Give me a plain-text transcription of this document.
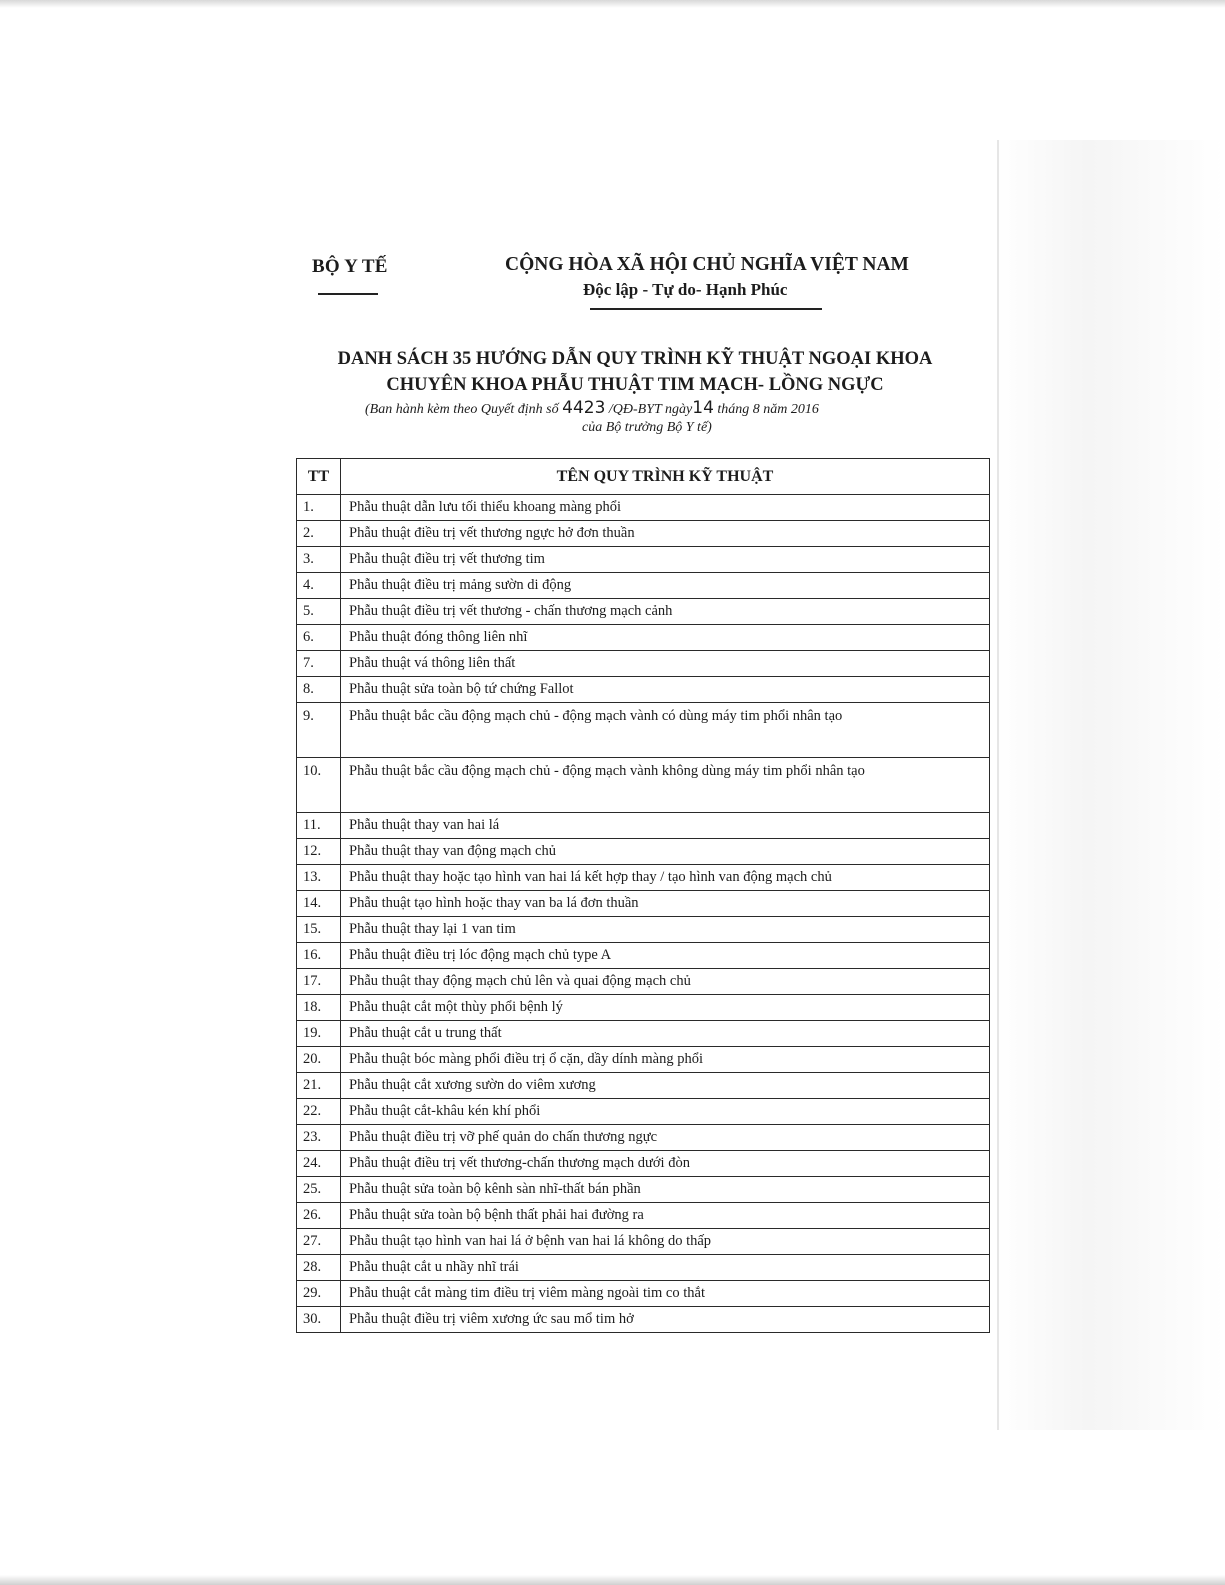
BỘ Y TẾ	CỘNG HÒA XÃ HỘI CHỦ NGHĨA VIỆT NAM
Độc lập - Tự do- Hạnh Phúc
DANH SÁCH 35 HƯỚNG DẪN QUY TRÌNH KỸ THUẬT NGOẠI KHOA
CHUYÊN KHOA PHẪU THUẬT TIM MẠCH- LỒNG NGỰC
(Ban hành kèm theo Quyết định số 4423 /QĐ-BYT ngày14 tháng 8 năm 2016
của Bộ trưởng Bộ Y tế)
TT	TÊN QUY TRÌNH KỸ THUẬT
1.	Phẫu thuật dẫn lưu tối thiểu khoang màng phổi
2.	Phẫu thuật điều trị vết thương ngực hở đơn thuần
3.	Phẫu thuật điều trị vết thương tim
4.	Phẫu thuật điều trị mảng sườn di động
5.	Phẫu thuật điều trị vết thương - chấn thương mạch cảnh
6.	Phẫu thuật đóng thông liên nhĩ
7.	Phẫu thuật vá thông liên thất
8.	Phẫu thuật sửa toàn bộ tứ chứng Fallot
9.	Phẫu thuật bắc cầu động mạch chủ - động mạch vành có dùng máy tim phổi nhân tạo
10.	Phẫu thuật bắc cầu động mạch chủ - động mạch vành không dùng máy tim phổi nhân tạo
11.	Phẫu thuật thay van hai lá
12.	Phẫu thuật thay van động mạch chủ
13.	Phẫu thuật thay hoặc tạo hình van hai lá kết hợp thay / tạo hình van động mạch chủ
14.	Phẫu thuật tạo hình hoặc thay van ba lá đơn thuần
15.	Phẫu thuật thay lại 1 van tim
16.	Phẫu thuật điều trị lóc động mạch chủ type A
17.	Phẫu thuật thay động mạch chủ lên và quai động mạch chủ
18.	Phẫu thuật cắt một thùy phổi bệnh lý
19.	Phẫu thuật cắt u trung thất
20.	Phẫu thuật bóc màng phổi điều trị ổ cặn, dầy dính màng phổi
21.	Phẫu thuật cắt xương sườn do viêm xương
22.	Phẫu thuật cắt-khâu kén khí phổi
23.	Phẫu thuật điều trị vỡ phế quản do chấn thương ngực
24.	Phẫu thuật điều trị vết thương-chấn thương mạch dưới đòn
25.	Phẫu thuật sửa toàn bộ kênh sàn nhĩ-thất bán phần
26.	Phẫu thuật sửa toàn bộ bệnh thất phải hai đường ra
27.	Phẫu thuật tạo hình van hai lá ở bệnh van hai lá không do thấp
28.	Phẫu thuật cắt u nhầy nhĩ trái
29.	Phẫu thuật cắt màng tim điều trị viêm màng ngoài tim co thắt
30.	Phẫu thuật điều trị viêm xương ức sau mổ tim hở
